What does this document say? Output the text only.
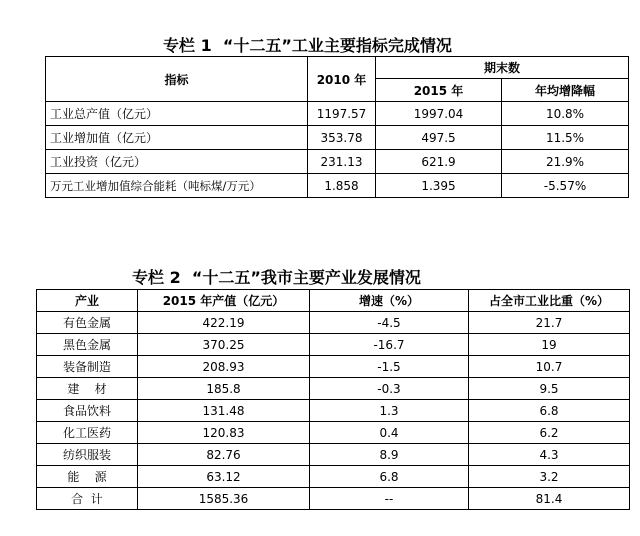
专栏 1  “十二五”工业主要指标完成情况
指标	2010 年	期末数	
		2015 年	年均增降幅
工业总产值（亿元）	1197.57	1997.04	10.8%
工业增加值（亿元）	353.78	497.5	11.5%
工业投资（亿元）	231.13	621.9	21.9%
万元工业增加值综合能耗（吨标煤/万元）	1.858	1.395	-5.57%
专栏 2  “十二五”我市主要产业发展情况
产业	2015 年产值（亿元）	增速（%）	占全市工业比重（%）
有色金属	422.19	-4.5	21.7
黑色金属	370.25	-16.7	19
装备制造	208.93	-1.5	10.7
建    材	185.8	-0.3	9.5
食品饮料	131.48	1.3	6.8
化工医药	120.83	0.4	6.2
纺织服装	82.76	8.9	4.3
能    源	63.12	6.8	3.2
合  计	1585.36	--	81.4
